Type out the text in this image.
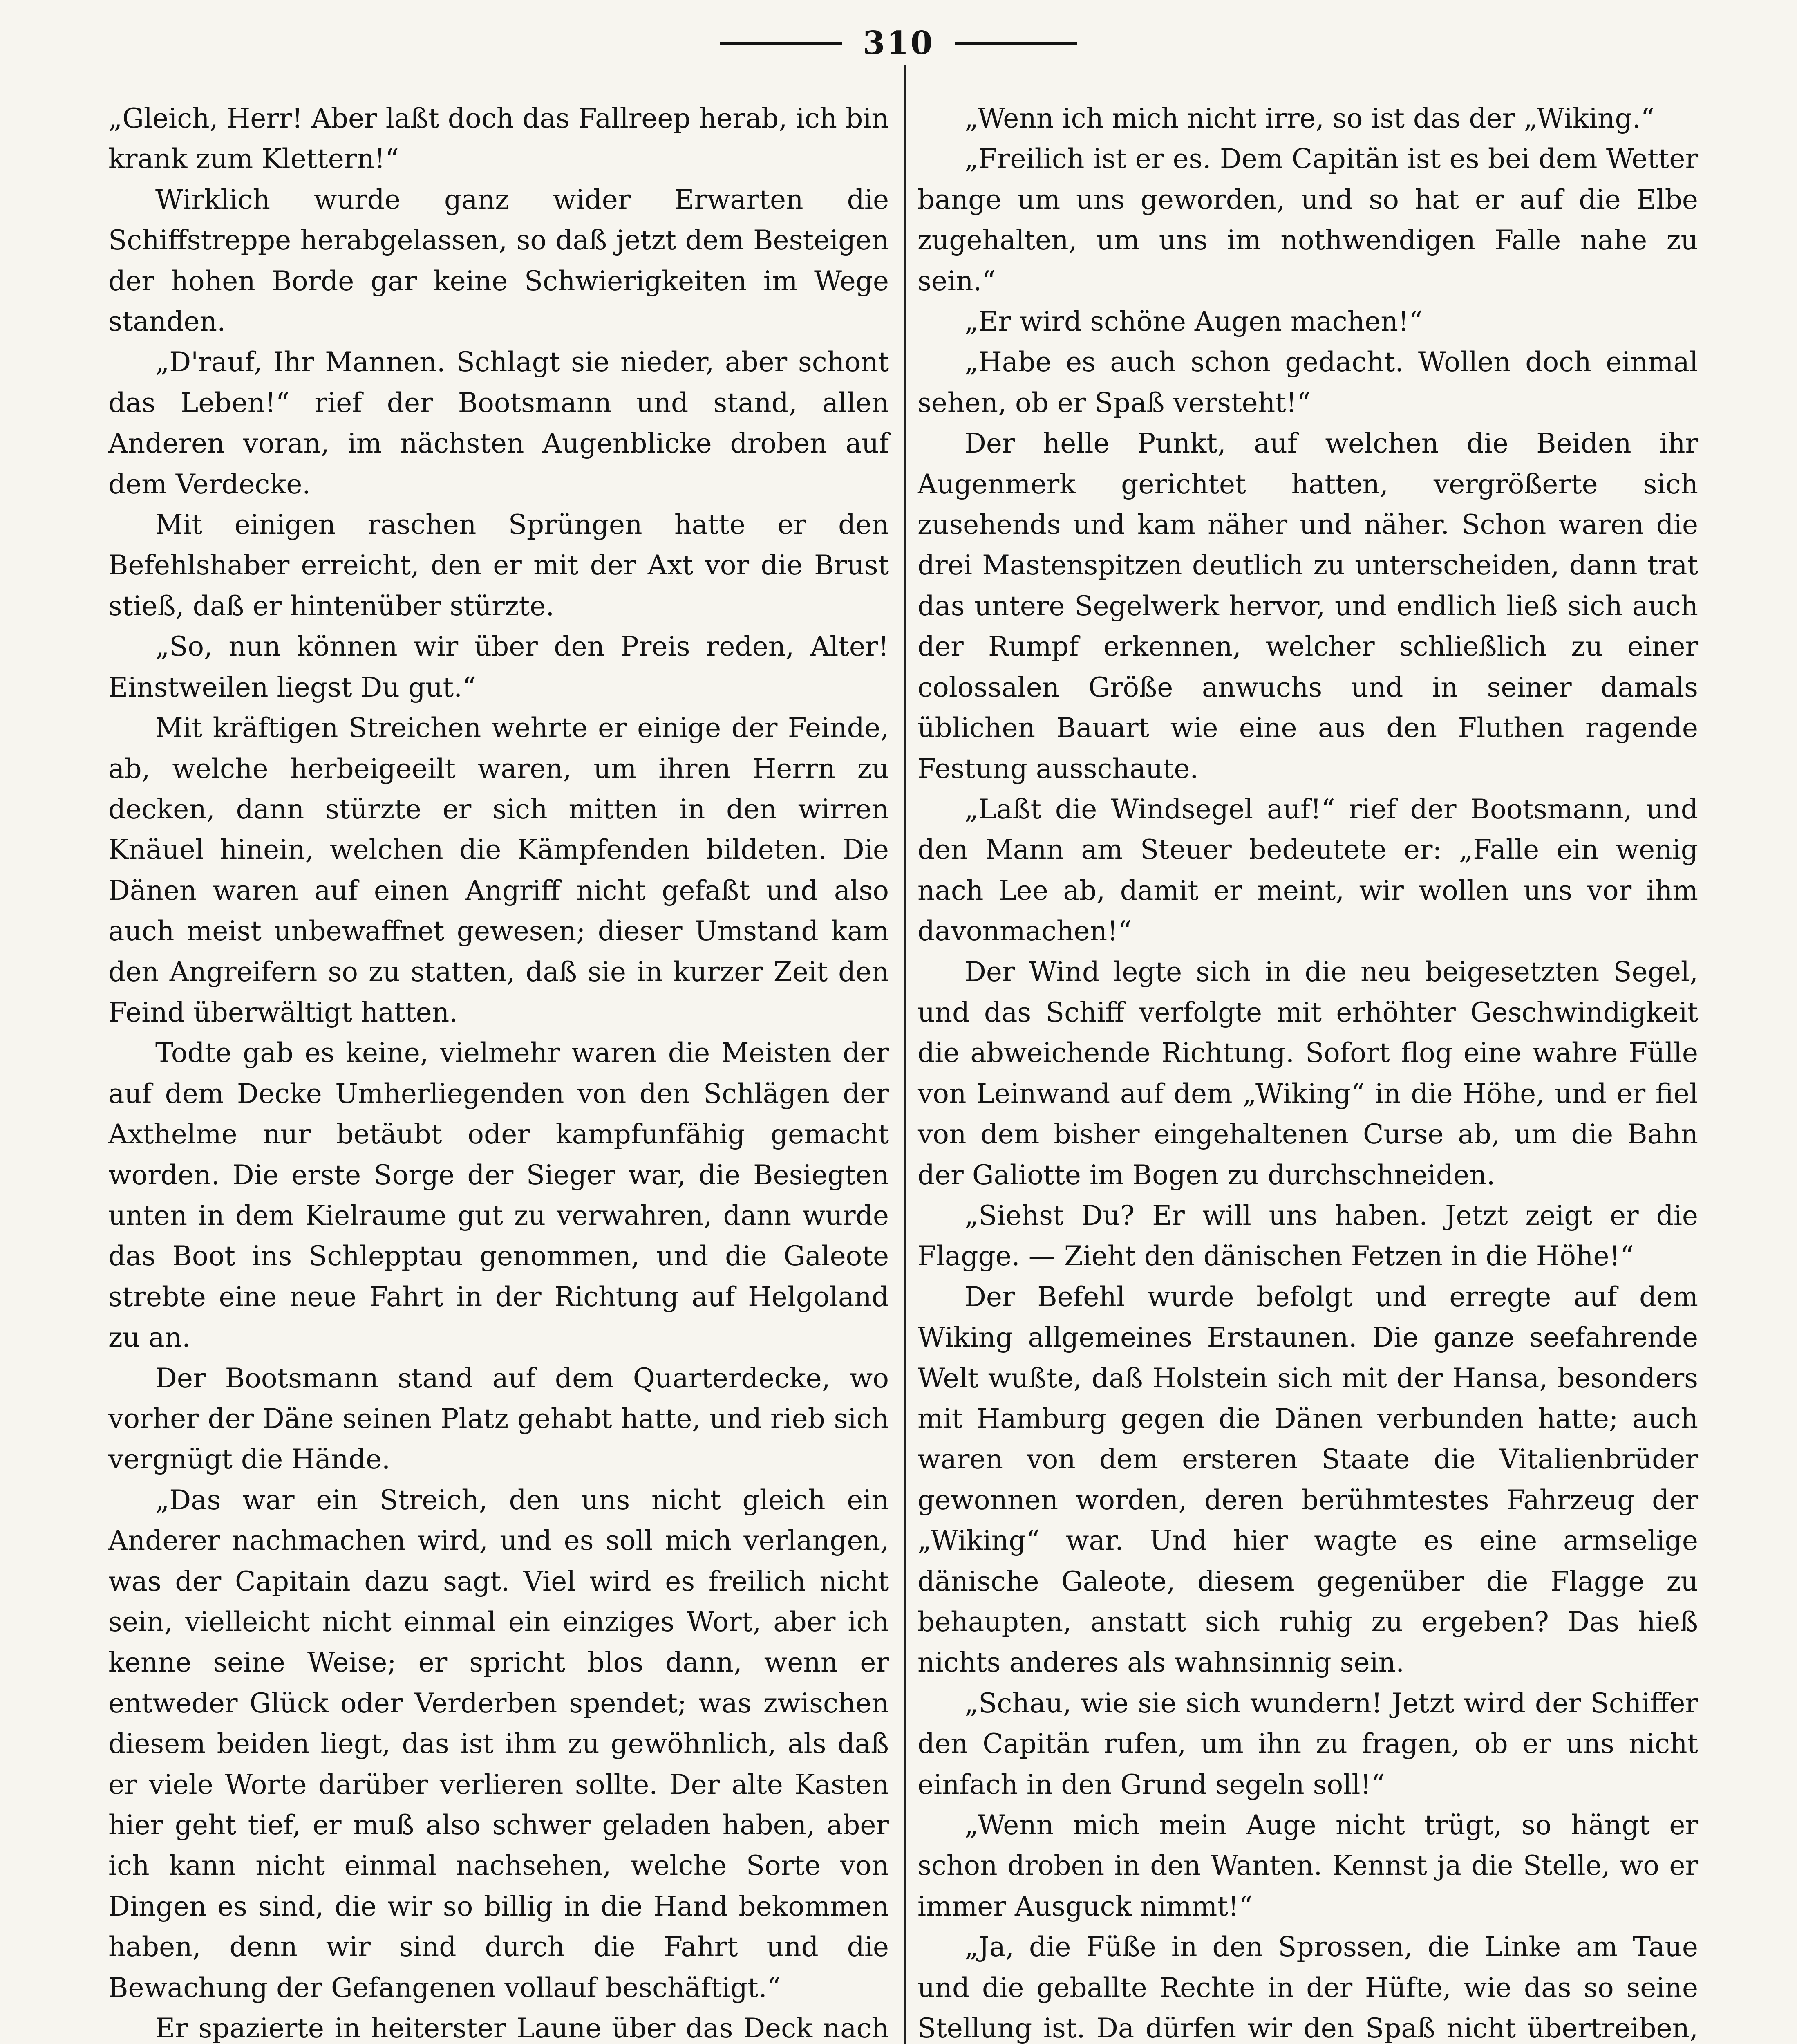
310

„Gleich, Herr! Aber laßt doch das Fallreep herab, ich bin krank zum Klettern!“

Wirklich wurde ganz wider Erwarten die Schiffstreppe herabgelassen, so daß jetzt dem Besteigen der hohen Borde gar keine Schwierigkeiten im Wege standen.

„D'rauf, Ihr Mannen. Schlagt sie nieder, aber schont das Leben!“ rief der Bootsmann und stand, allen Anderen voran, im nächsten Augenblicke droben auf dem Verdecke.

Mit einigen raschen Sprüngen hatte er den Befehlshaber erreicht, den er mit der Axt vor die Brust stieß, daß er hintenüber stürzte.

„So, nun können wir über den Preis reden, Alter! Einstweilen liegst Du gut.“

Mit kräftigen Streichen wehrte er einige der Feinde, ab, welche herbeigeeilt waren, um ihren Herrn zu decken, dann stürzte er sich mitten in den wirren Knäuel hinein, welchen die Kämpfenden bildeten. Die Dänen waren auf einen Angriff nicht gefaßt und also auch meist unbewaffnet gewesen; dieser Umstand kam den Angreifern so zu statten, daß sie in kurzer Zeit den Feind überwältigt hatten.

Todte gab es keine, vielmehr waren die Meisten der auf dem Decke Umherliegenden von den Schlägen der Axthelme nur betäubt oder kampfunfähig gemacht worden. Die erste Sorge der Sieger war, die Besiegten unten in dem Kielraume gut zu verwahren, dann wurde das Boot ins Schlepptau genommen, und die Galeote strebte eine neue Fahrt in der Richtung auf Helgoland zu an.

Der Bootsmann stand auf dem Quarterdecke, wo vorher der Däne seinen Platz gehabt hatte, und rieb sich vergnügt die Hände.

„Das war ein Streich, den uns nicht gleich ein Anderer nachmachen wird, und es soll mich verlangen, was der Capitain dazu sagt. Viel wird es freilich nicht sein, vielleicht nicht einmal ein einziges Wort, aber ich kenne seine Weise; er spricht blos dann, wenn er entweder Glück oder Verderben spendet; was zwischen diesem beiden liegt, das ist ihm zu gewöhnlich, als daß er viele Worte darüber verlieren sollte. Der alte Kasten hier geht tief, er muß also schwer geladen haben, aber ich kann nicht einmal nachsehen, welche Sorte von Dingen es sind, die wir so billig in die Hand bekommen haben, denn wir sind durch die Fahrt und die Bewachung der Gefangenen vollauf beschäftigt.“

Er spazierte in heiterster Laune über das Deck nach

„Wenn ich mich nicht irre, so ist das der „Wiking.“

„Freilich ist er es. Dem Capitän ist es bei dem Wetter bange um uns geworden, und so hat er auf die Elbe zugehalten, um uns im nothwendigen Falle nahe zu sein.“

„Er wird schöne Augen machen!“

„Habe es auch schon gedacht. Wollen doch einmal sehen, ob er Spaß versteht!“

Der helle Punkt, auf welchen die Beiden ihr Augenmerk gerichtet hatten, vergrößerte sich zusehends und kam näher und näher. Schon waren die drei Mastenspitzen deutlich zu unterscheiden, dann trat das untere Segelwerk hervor, und endlich ließ sich auch der Rumpf erkennen, welcher schließlich zu einer colossalen Größe anwuchs und in seiner damals üblichen Bauart wie eine aus den Fluthen ragende Festung ausschaute.

„Laßt die Windsegel auf!“ rief der Bootsmann, und den Mann am Steuer bedeutete er: „Falle ein wenig nach Lee ab, damit er meint, wir wollen uns vor ihm davonmachen!“

Der Wind legte sich in die neu beigesetzten Segel, und das Schiff verfolgte mit erhöhter Geschwindigkeit die abweichende Richtung. Sofort flog eine wahre Fülle von Leinwand auf dem „Wiking“ in die Höhe, und er fiel von dem bisher eingehaltenen Curse ab, um die Bahn der Galiotte im Bogen zu durchschneiden.

„Siehst Du? Er will uns haben. Jetzt zeigt er die Flagge. — Zieht den dänischen Fetzen in die Höhe!“

Der Befehl wurde befolgt und erregte auf dem Wiking allgemeines Erstaunen. Die ganze seefahrende Welt wußte, daß Holstein sich mit der Hansa, besonders mit Hamburg gegen die Dänen verbunden hatte; auch waren von dem ersteren Staate die Vitalienbrüder gewonnen worden, deren berühmtestes Fahrzeug der „Wiking“ war. Und hier wagte es eine armselige dänische Galeote, diesem gegenüber die Flagge zu behaupten, anstatt sich ruhig zu ergeben? Das hieß nichts anderes als wahnsinnig sein.

„Schau, wie sie sich wundern! Jetzt wird der Schiffer den Capitän rufen, um ihn zu fragen, ob er uns nicht einfach in den Grund segeln soll!“

„Wenn mich mein Auge nicht trügt, so hängt er schon droben in den Wanten. Kennst ja die Stelle, wo er immer Ausguck nimmt!“

„Ja, die Füße in den Sprossen, die Linke am Taue und die geballte Rechte in der Hüfte, wie das so seine Stellung ist. Da dürfen wir den Spaß nicht übertreiben,
